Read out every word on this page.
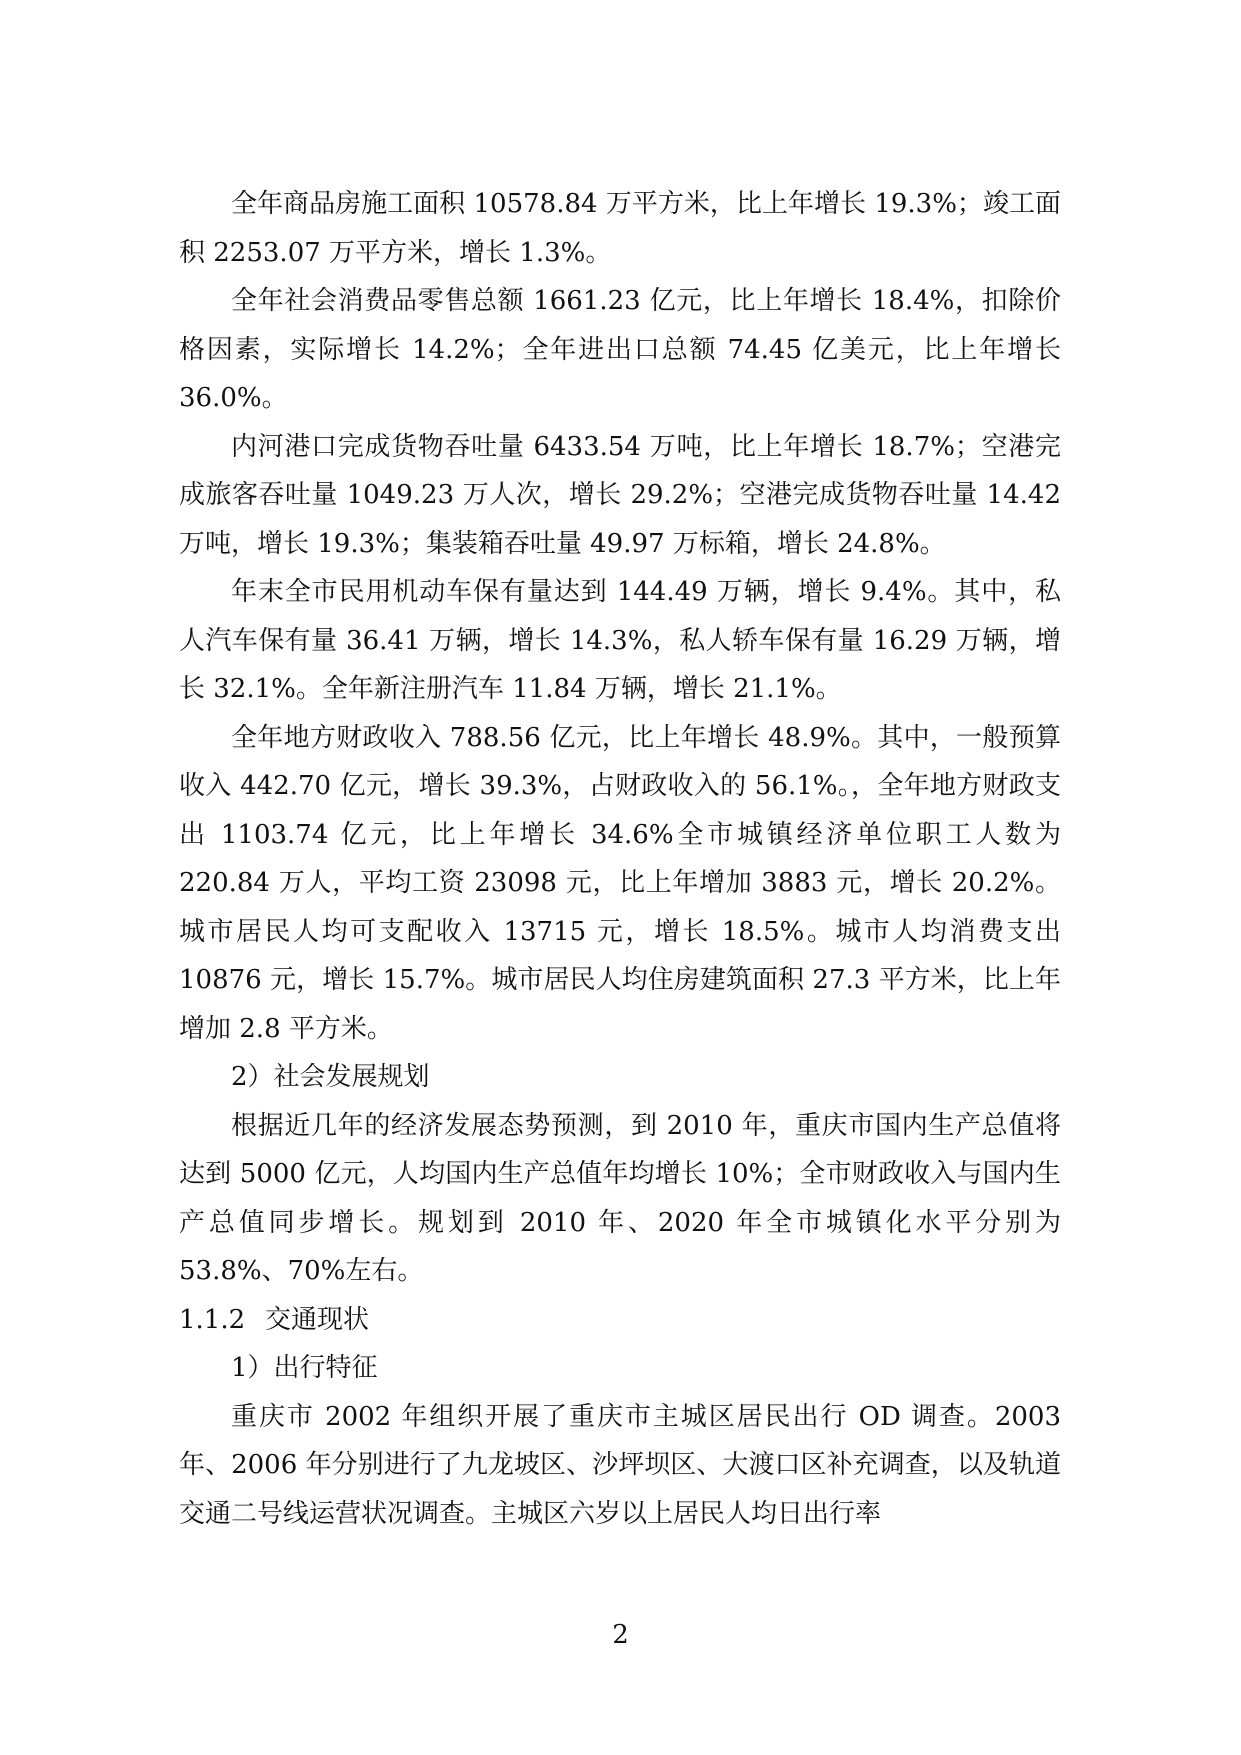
全年商品房施工面积 10578.84 万平方米，比上年增长 19.3%；竣工面积 2253.07 万平方米，增长 1.3%。

全年社会消费品零售总额 1661.23 亿元，比上年增长 18.4%，扣除价格因素，实际增长 14.2%；全年进出口总额 74.45 亿美元，比上年增长 36.0%。

内河港口完成货物吞吐量 6433.54 万吨，比上年增长 18.7%；空港完成旅客吞吐量 1049.23 万人次，增长 29.2%；空港完成货物吞吐量 14.42 万吨，增长 19.3%；集装箱吞吐量 49.97 万标箱，增长 24.8%。

年末全市民用机动车保有量达到 144.49 万辆，增长 9.4%。其中，私人汽车保有量 36.41 万辆，增长 14.3%，私人轿车保有量 16.29 万辆，增长 32.1%。全年新注册汽车 11.84 万辆，增长 21.1%。

全年地方财政收入 788.56 亿元，比上年增长 48.9%。其中，一般预算收入 442.70 亿元，增长 39.3%，占财政收入的 56.1%。，全年地方财政支出 1103.74 亿元，比上年增长 34.6%全市城镇经济单位职工人数为 220.84 万人，平均工资 23098 元，比上年增加 3883 元，增长 20.2%。城市居民人均可支配收入 13715 元，增长 18.5%。城市人均消费支出 10876 元，增长 15.7%。城市居民人均住房建筑面积 27.3 平方米，比上年增加 2.8 平方米。

2）社会发展规划

根据近几年的经济发展态势预测，到 2010 年，重庆市国内生产总值将达到 5000 亿元，人均国内生产总值年均增长 10%；全市财政收入与国内生产总值同步增长。规划到 2010 年、2020 年全市城镇化水平分别为 53.8%、70%左右。

1.1.2 交通现状

1）出行特征

重庆市 2002 年组织开展了重庆市主城区居民出行 OD 调查。2003 年、2006 年分别进行了九龙坡区、沙坪坝区、大渡口区补充调查，以及轨道交通二号线运营状况调查。主城区六岁以上居民人均日出行率

2
